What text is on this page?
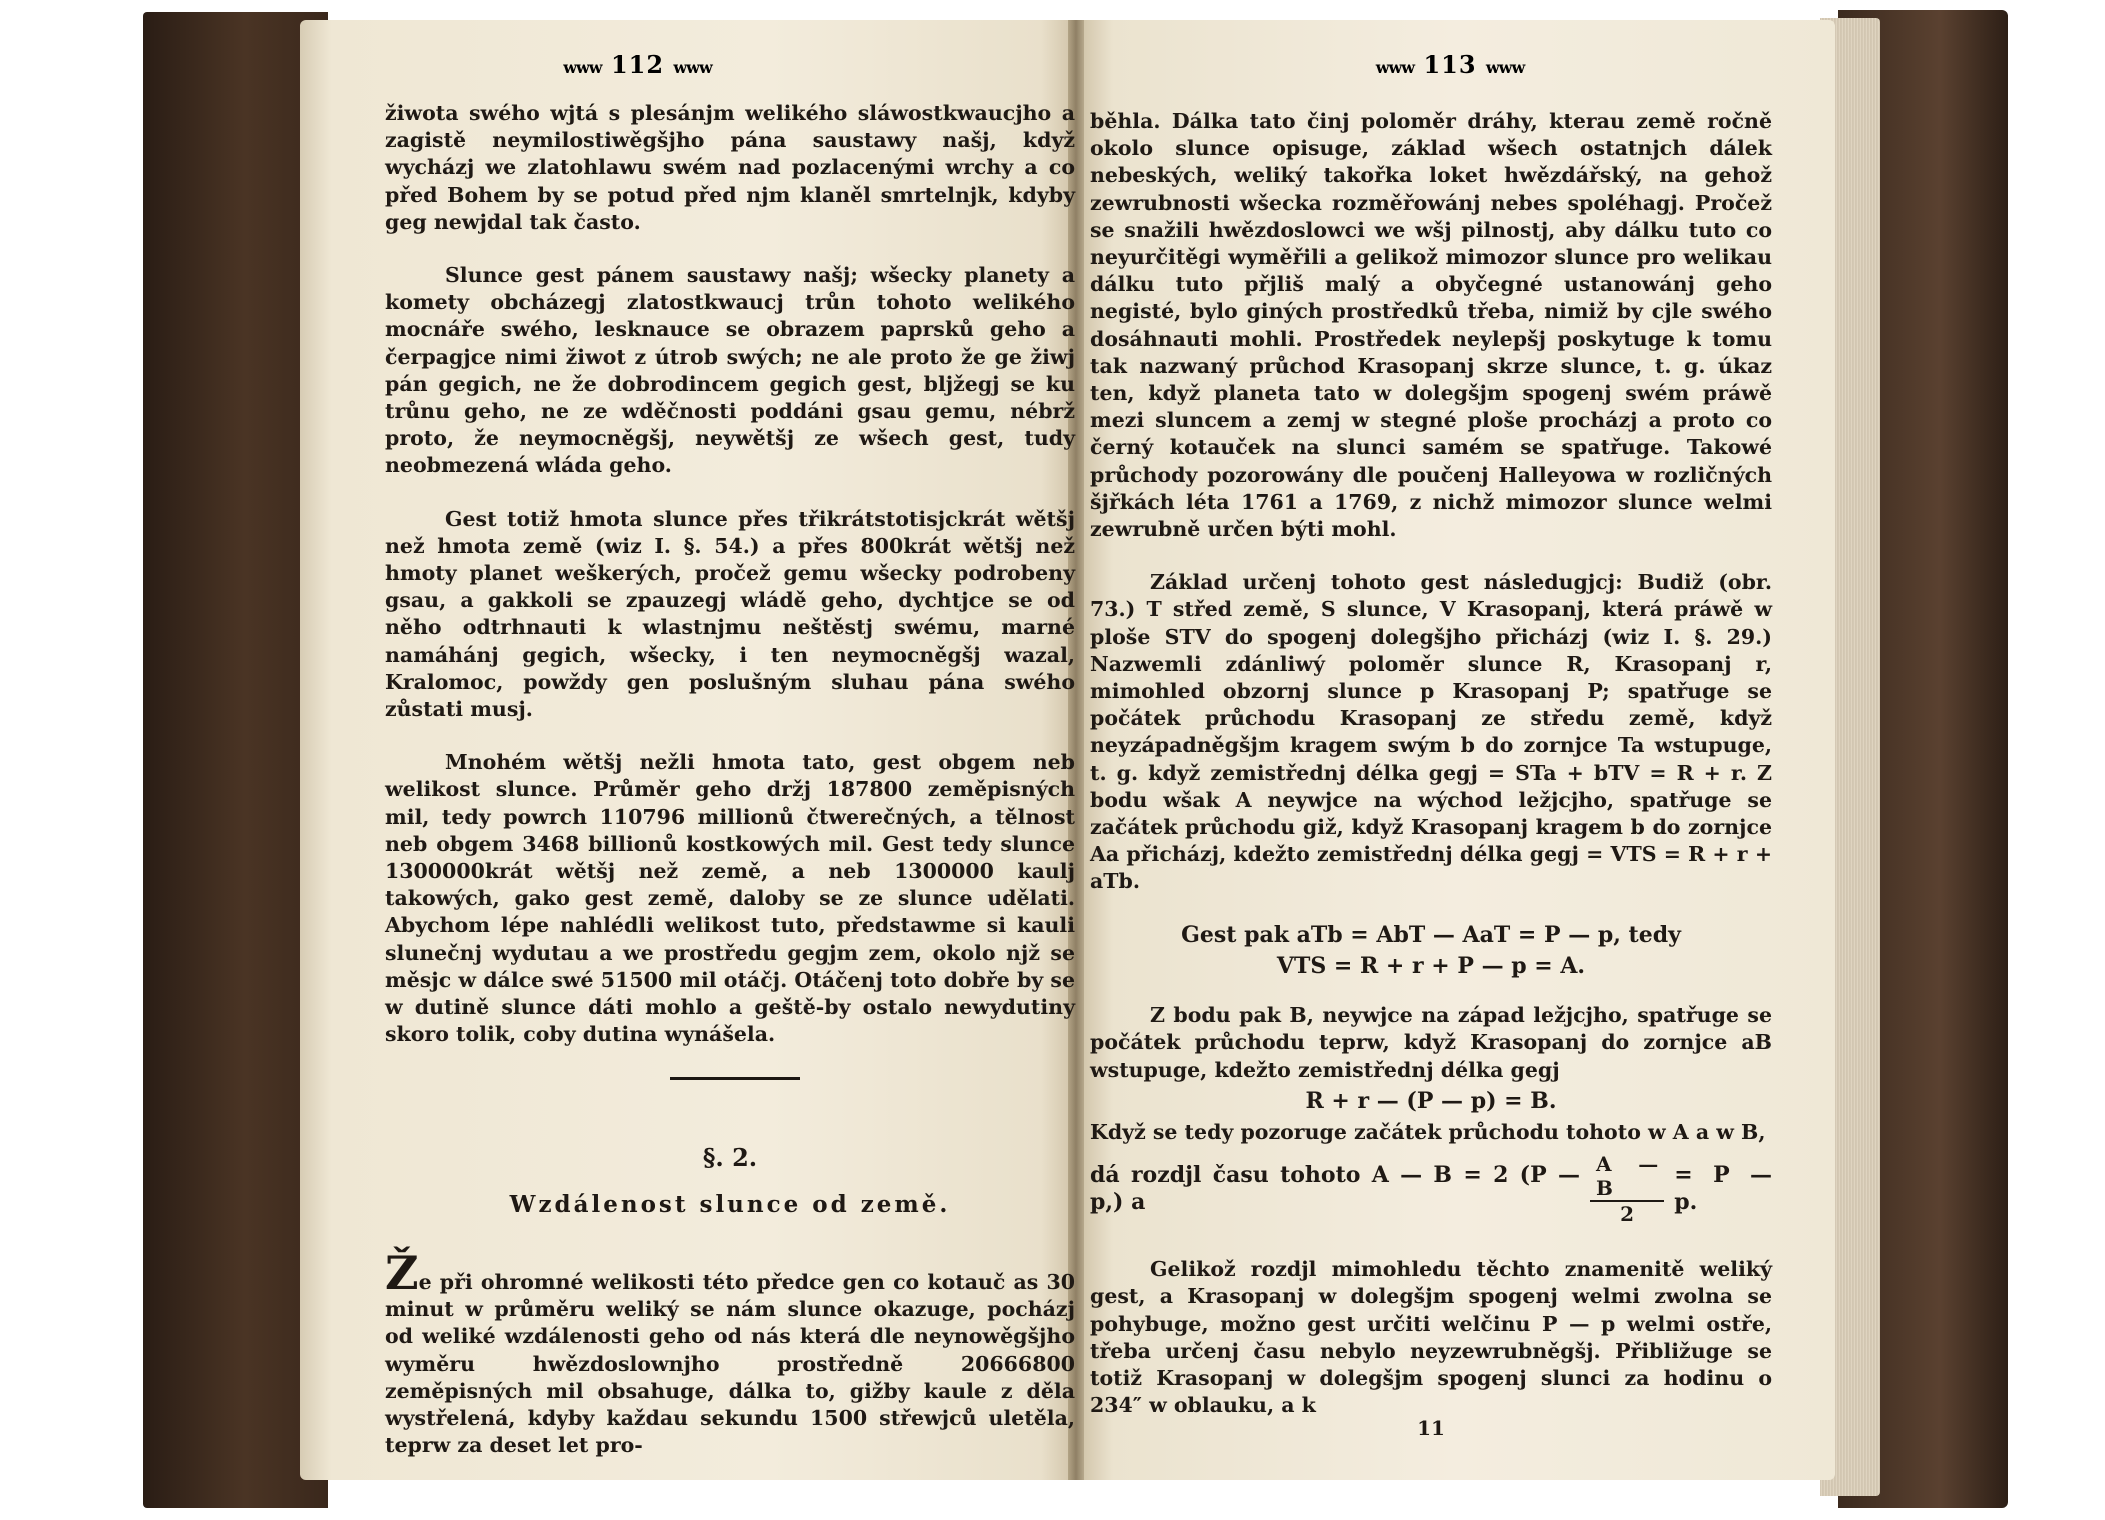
ᴡᴡᴡ 112 ᴡᴡᴡ	ᴡᴡᴡ 113 ᴡᴡᴡ

žiwota swého wjtá s plesánjm welikého sláwostkwaucjho a zagistě neymilostiwěgšjho pána saustawy našj, když wycházj we zlatohlawu swém nad pozlacenými wrchy a co před Bohem by se potud před njm klaněl smrtelnjk, kdyby geg newjdal tak často.

Slunce gest pánem saustawy našj; wšecky planety a komety obcházegj zlatostkwaucj trůn tohoto welikého mocnáře swého, lesknauce se obrazem paprsků geho a čerpagjce nimi žiwot z útrob swých; ne ale proto že ge žiwj pán gegich, ne že dobrodincem gegich gest, bljžegj se ku trůnu geho, ne ze wděčnosti poddáni gsau gemu, nébrž proto, že neymocněgšj, neywětšj ze wšech gest, tudy neobmezená wláda geho.

Gest totiž hmota slunce přes třikrátstotisjckrát wětšj než hmota země (wiz I. §. 54.) a přes 800krát wětšj než hmoty planet weškerých, pročež gemu wšecky podrobeny gsau, a gakkoli se zpauzegj wládě geho, dychtjce se od něho odtrhnauti k wlastnjmu neštěstj swému, marné namáhánj gegich, wšecky, i ten neymocněgšj wazal, Kralomoc, powždy gen poslušným sluhau pána swého zůstati musj.

Mnohém wětšj nežli hmota tato, gest obgem neb welikost slunce. Průměr geho držj 187800 zeměpisných mil, tedy powrch 110796 millionů čtwerečných, a tělnost neb obgem 3468 billionů kostkowých mil. Gest tedy slunce 1300000krát wětšj než země, a neb 1300000 kaulj takowých, gako gest země, daloby se ze slunce udělati. Abychom lépe nahlédli welikost tuto, předstawme si kauli slunečnj wydutau a we prostředu gegjm zem, okolo njž se měsjc w dálce swé 51500 mil otáčj. Otáčenj toto dobře by se w dutině slunce dáti mohlo a geště-by ostalo newydutiny skoro tolik, coby dutina wynášela.

§. 2.
Wzdálenost slunce od země.

Že při ohromné welikosti této předce gen co kotauč as 30 minut w průměru weliký se nám slunce okazuge, pocházj od weliké wzdálenosti geho od nás která dle neynowěgšjho wyměru hwězdoslownjho prostředně 20666800 zeměpisných mil obsahuge, dálka to, gižby kaule z děla wystřelená, kdyby každau sekundu 1500 střewjců uletěla, teprw za deset let pro-

běhla. Dálka tato činj poloměr dráhy, kterau země ročně okolo slunce opisuge, základ wšech ostatnjch dálek nebeských, weliký takořka loket hwězdářský, na gehož zewrubnosti wšecka rozměřowánj nebes spoléhagj. Pročež se snažili hwězdoslowci we wšj pilnostj, aby dálku tuto co neyurčitěgi wyměřili a gelikož mimozor slunce pro welikau dálku tuto přjliš malý a obyčegné ustanowánj geho negisté, bylo giných prostředků třeba, nimiž by cjle swého dosáhnauti mohli. Prostředek neylepšj poskytuge k tomu tak nazwaný průchod Krasopanj skrze slunce, t. g. úkaz ten, když planeta tato w dolegšjm spogenj swém práwě mezi sluncem a zemj w stegné ploše procházj a proto co černý kotauček na slunci samém se spatřuge. Takowé průchody pozorowány dle poučenj Halleyowa w rozličných šjřkách léta 1761 a 1769, z nichž mimozor slunce welmi zewrubně určen býti mohl.

Základ určenj tohoto gest následugjcj: Budiž (obr. 73.) T střed země, S slunce, V Krasopanj, která práwě w ploše STV do spogenj dolegšjho přicházj (wiz I. §. 29.) Nazwemli zdánliwý poloměr slunce R, Krasopanj r, mimohled obzornj slunce p Krasopanj P; spatřuge se počátek průchodu Krasopanj ze středu země, když neyzápadněgšjm kragem swým b do zornjce Ta wstupuge, t. g. když zemistřednj délka gegj = STa + bTV = R + r. Z bodu wšak A neywjce na wýchod ležjcjho, spatřuge se začátek průchodu giž, když Krasopanj kragem b do zornjce Aa přicházj, kdežto zemistřednj délka gegj = VTS = R + r + aTb.

Gest pak aTb = AbT — AaT = P — p, tedy
VTS = R + r + P — p = A.

Z bodu pak B, neywjce na západ ležjcjho, spatřuge se počátek průchodu teprw, když Krasopanj do zornjce aB wstupuge, kdežto zemistřednj délka gegj

R + r — (P — p) = B.

Když se tedy pozoruge začátek průchodu tohoto w A a w B,

dá rozdjl času tohoto A — B = 2 (P — p,) a	$\frac{A — B}{2} = P$ — p.

Gelikož rozdjl mimohledu těchto znamenitě weliký gest, a Krasopanj w dolegšjm spogenj welmi zwolna se pohybuge, možno gest určiti welčinu P — p welmi ostře, třeba určenj času nebylo neyzewrubněgšj. Přibližuge se totiž Krasopanj w dolegšjm spogenj slunci za hodinu o 234″ w oblauku, a k

11
